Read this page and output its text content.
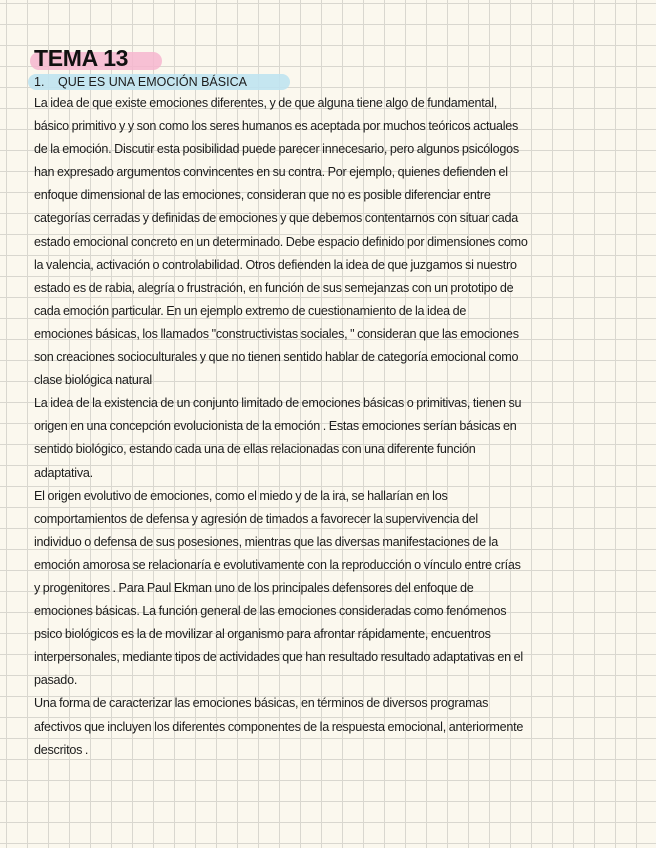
TEMA 13
1. QUE ES UNA EMOCIÓN BÁSICA
La idea de que existe emociones diferentes, y de que alguna tiene algo de fundamental,
básico primitivo y y son como los seres humanos es aceptada por muchos teóricos actuales
de la emoción. Discutir esta posibilidad puede parecer innecesario, pero algunos psicólogos
han expresado argumentos convincentes en su contra. Por ejemplo, quienes defienden el
enfoque dimensional de las emociones, consideran que no es posible diferenciar entre
categorías cerradas y definidas de emociones y que debemos contentarnos con situar cada
estado emocional concreto en un determinado. Debe espacio definido por dimensiones como
la valencia, activación o controlabilidad. Otros defienden la idea de que juzgamos si nuestro
estado es de rabia, alegría o frustración, en función de sus semejanzas con un prototipo de
cada emoción particular. En un ejemplo extremo de cuestionamiento de la idea de
emociones básicas, los llamados "constructivistas sociales, " consideran que las emociones
son creaciones socioculturales y que no tienen sentido hablar de categoría emocional como
clase biológica natural
La idea de la existencia de un conjunto limitado de emociones básicas o primitivas, tienen su
origen en una concepción evolucionista de la emoción . Estas emociones serían básicas en
sentido biológico, estando cada una de ellas relacionadas con una diferente función
adaptativa.
El origen evolutivo de emociones, como el miedo y de la ira, se hallarían en los
comportamientos de defensa y agresión de timados a favorecer la supervivencia del
individuo o defensa de sus posesiones, mientras que las diversas manifestaciones de la
emoción amorosa se relacionaría e evolutivamente con la reproducción o vínculo entre crías
y progenitores . Para Paul Ekman uno de los principales defensores del enfoque de
emociones básicas. La función general de las emociones consideradas como fenómenos
psico biológicos es la de movilizar al organismo para afrontar rápidamente, encuentros
interpersonales, mediante tipos de actividades que han resultado resultado adaptativas en el
pasado.
Una forma de caracterizar las emociones básicas, en términos de diversos programas
afectivos que incluyen los diferentes componentes de la respuesta emocional, anteriormente
descritos .
